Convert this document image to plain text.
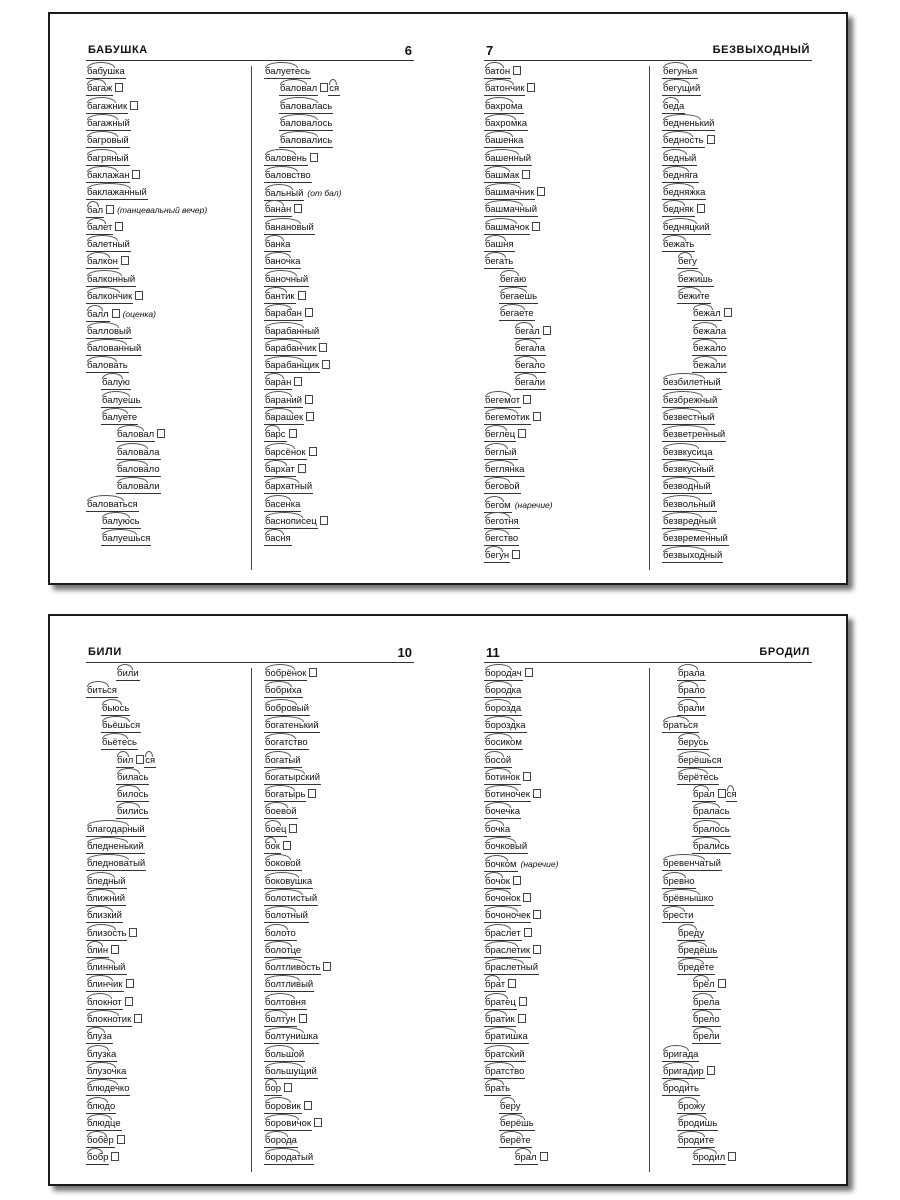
БАБУШКА	6
бабушка
багаж
багажник
багажный
багровый
багряный
баклажан
баклажанный
бал (танцевальный вечер)
балет
балетный
балкон
балконный
балкончик
балл (оценка)
балловый
балованный
баловать
балую
балуешь
балуете
баловал
баловала
баловало
баловали
баловаться
балуюсь
балуешься
балуетесь
баловал ся
баловалась
баловалось
баловались
баловень
баловство
бальный (от бал)
банан
банановый
банка
баночка
баночный
бантик
барабан
барабанный
барабанчик
барабанщик
баран
бараний
барашек
барс
барсёнок
бархат
бархатный
басенка
баснописец
басня
БЕЗВЫХОДНЫЙ
7
батон
батончик
бахрома
бахромка
башенка
башенный
башмак
башмачник
башмачный
башмачок
башня
бегать
бегаю
бегаешь
бегаете
бегал
бегала
бегало
бегали
бегемот
бегемотик
беглец
беглый
беглянка
беговой
бегом (наречие)
беготня
бегство
бегун
бегунья
бегущий
беда
бедненький
бедность
бедный
бедняга
бедняжка
бедняк
бедняцкий
бежать
бегу
бежишь
бежите
бежал
бежала
бежало
бежали
безбилетный
безбрежный
безвестный
безветренный
безвкусица
безвкусный
безводный
безвольный
безвредный
безвременный
безвыходный
БИЛИ	10
били
биться
бьюсь
бьёшься
бьётесь
бил ся
билась
билось
бились
благодарный
бледненький
бледноватый
бледный
ближний
близкий
близость
блин
блинный
блинчик
блокнот
блокнотик
блуза
блузка
блузочка
блюдечко
блюдо
блюдце
бобёр
бобр
бобрёнок
бобриха
бобровый
богатенький
богатство
богатый
богатырский
богатырь
боевой
боец
бок
боковой
боковушка
болотистый
болотный
болото
болотце
болтливость
болтливый
болтовня
болтун
болтунишка
большой
большущий
бор
боровик
боровичок
борода
бородатый
БРОДИЛ
11
бородач
бородка
борозда
бороздка
босиком
босой
ботинок
ботиночек
бочечка
бочка
бочковый
бочком (наречие)
бочок
бочонок
бочоночек
браслет
браслетик
браслетный
брат
братец
братик
братишка
братский
братство
брать
беру
берёшь
берёте
брал
брала
брало
брали
браться
берусь
берёшься
берётесь
брал ся
бралась
бралось
брались
бревенчатый
бревно
брёвнышко
брести
бреду
бредёшь
бредёте
брёл
брела
брело
брели
бригада
бригадир
бродить
брожу
бродишь
бродите
бродил
